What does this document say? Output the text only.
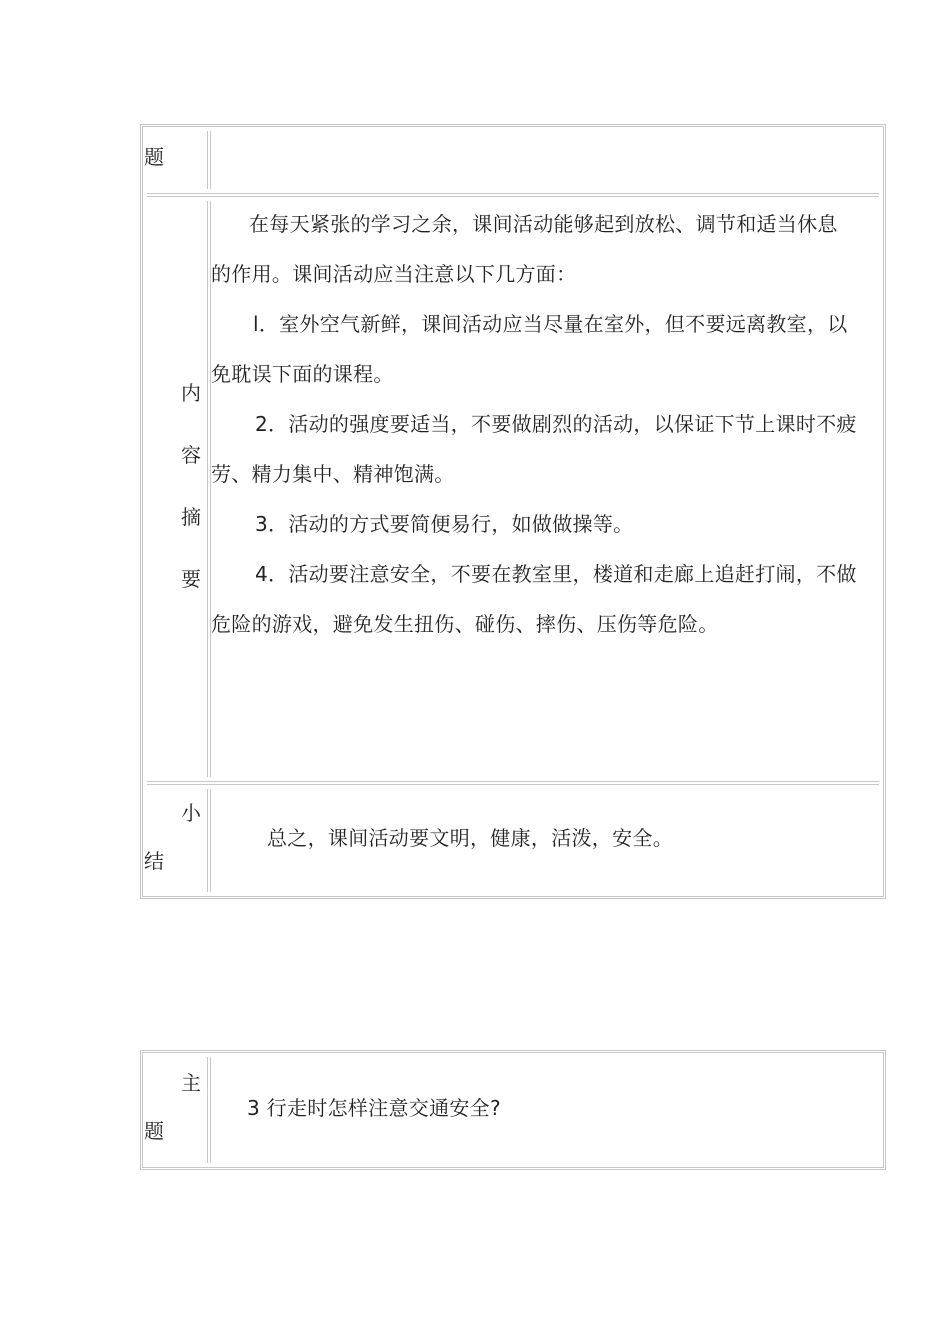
题
内
容
摘
要
在每天紧张的学习之余，课间活动能够起到放松、调节和适当休息
的作用。课间活动应当注意以下几方面：
l．室外空气新鲜，课间活动应当尽量在室外，但不要远离教室，以
免耽误下面的课程。
2．活动的强度要适当，不要做剧烈的活动，以保证下节上课时不疲
劳、精力集中、精神饱满。
3．活动的方式要简便易行，如做做操等。
4．活动要注意安全，不要在教室里，楼道和走廊上追赶打闹，不做
危险的游戏，避免发生扭伤、碰伤、摔伤、压伤等危险。
小
结
总之，课间活动要文明，健康，活泼，安全。
主
题
3 行走时怎样注意交通安全?
